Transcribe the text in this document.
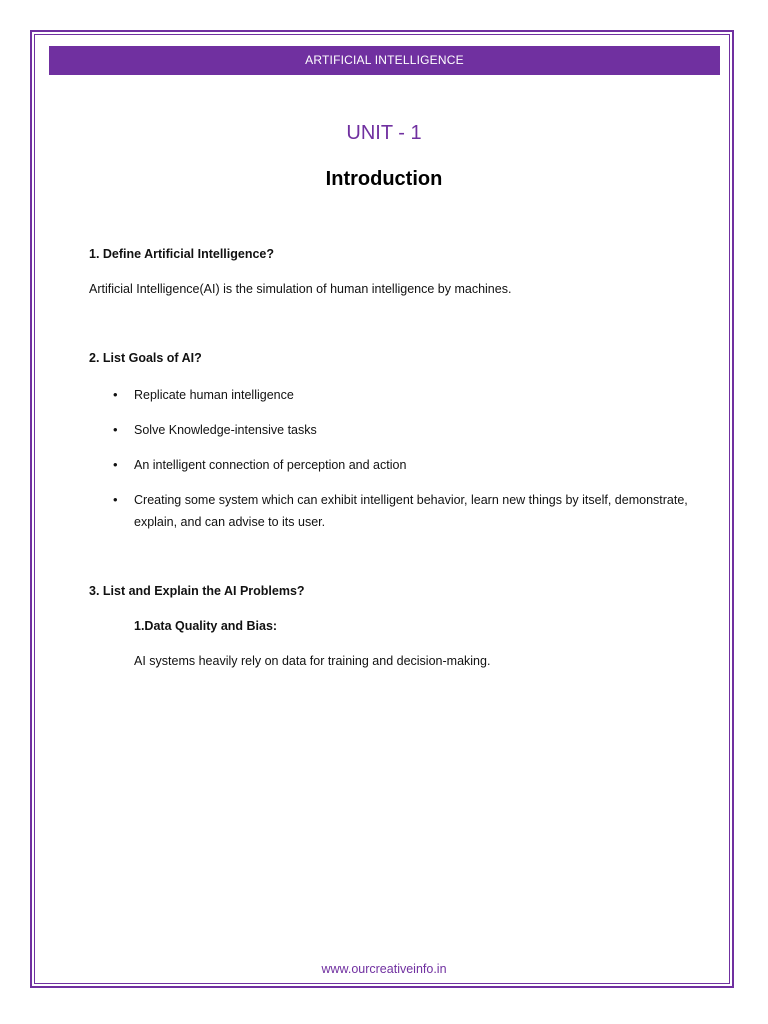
ARTIFICIAL INTELLIGENCE
UNIT - 1
Introduction
1. Define Artificial Intelligence?
Artificial Intelligence(AI) is the simulation of human intelligence by machines.
2. List Goals of AI?
• Replicate human intelligence
• Solve Knowledge-intensive tasks
• An intelligent connection of perception and action
• Creating some system which can exhibit intelligent behavior, learn new things by itself, demonstrate, explain, and can advise to its user.
3. List and Explain the AI Problems?
1.Data Quality and Bias:
AI systems heavily rely on data for training and decision-making.
www.ourcreativeinfo.in
